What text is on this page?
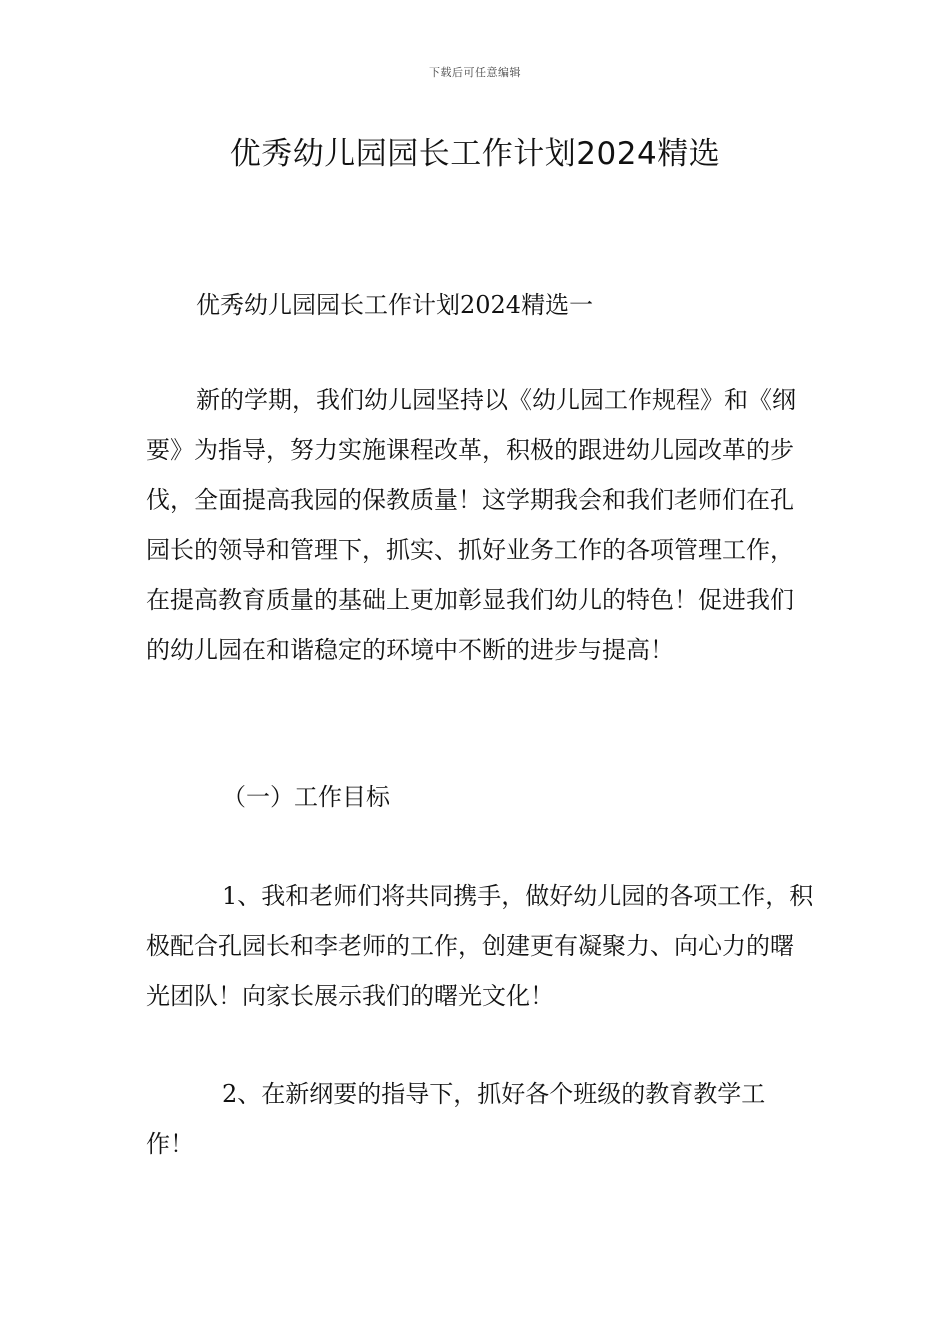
下载后可任意编辑
优秀幼儿园园长工作计划2024精选

优秀幼儿园园长工作计划2024精选一

新的学期，我们幼儿园坚持以《幼儿园工作规程》和《纲要》为指导，努力实施课程改革，积极的跟进幼儿园改革的步伐，全面提高我园的保教质量！这学期我会和我们老师们在孔园长的领导和管理下，抓实、抓好业务工作的各项管理工作，在提高教育质量的基础上更加彰显我们幼儿的特色！促进我们的幼儿园在和谐稳定的环境中不断的进步与提高！

（一）工作目标

1、我和老师们将共同携手，做好幼儿园的各项工作，积极配合孔园长和李老师的工作，创建更有凝聚力、向心力的曙光团队！向家长展示我们的曙光文化！

2、在新纲要的指导下，抓好各个班级的教育教学工作！
